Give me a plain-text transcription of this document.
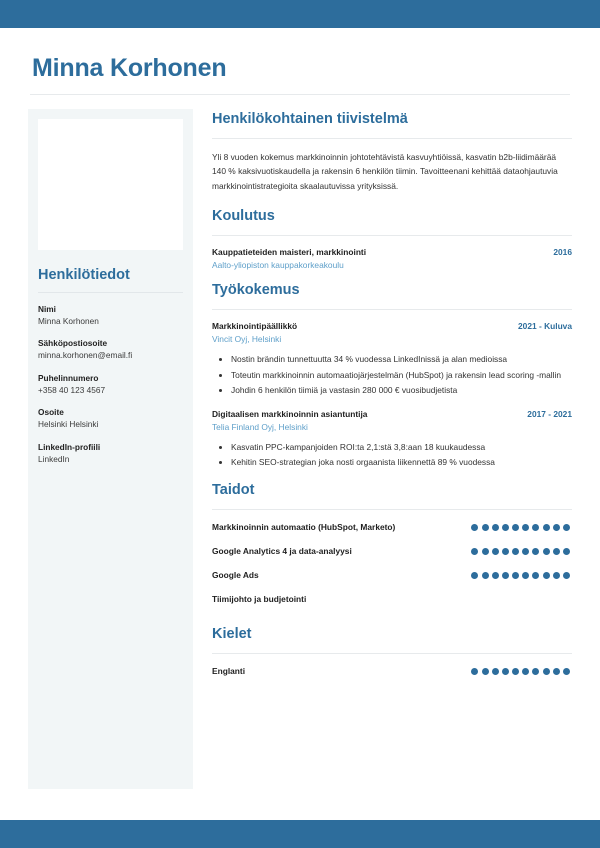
Minna Korhonen
Henkilötiedot
Nimi
Minna Korhonen
Sähköpostiosoite
minna.korhonen@email.fi
Puhelinnumero
+358 40 123 4567
Osoite
Helsinki Helsinki
LinkedIn-profiili
LinkedIn
Henkilökohtainen tiivistelmä
Yli 8 vuoden kokemus markkinoinnin johtotehtävistä kasvuyhtiöissä, kasvatin b2b-liidimäärää 140 % kaksivuotiskaudella ja rakensin 6 henkilön tiimin. Tavoitteenani kehittää dataohjautuvia markkinointistrategioita skaalautuvissa yrityksissä.
Koulutus
Kauppatieteiden maisteri, markkinointi	2016
Aalto-yliopiston kauppakorkeakoulu
Työkokemus
Markkinointipäällikkö	2021 - Kuluva
Vincit Oyj, Helsinki
• Nostin brändin tunnettuutta 34 % vuodessa LinkedInissä ja alan medioissa
• Toteutin markkinoinnin automaatiojärjestelmän (HubSpot) ja rakensin lead scoring -mallin
• Johdin 6 henkilön tiimiä ja vastasin 280 000 € vuosibudjetista
Digitaalisen markkinoinnin asiantuntija	2017 - 2021
Telia Finland Oyj, Helsinki
• Kasvatin PPC-kampanjoiden ROI:ta 2,1:stä 3,8:aan 18 kuukaudessa
• Kehitin SEO-strategian joka nosti orgaanista liikennettä 89 % vuodessa
Taidot
Markkinoinnin automaatio (HubSpot, Marketo)
Google Analytics 4 ja data-analyysi
Google Ads
Tiimijohto ja budjetointi
Kielet
Englanti
